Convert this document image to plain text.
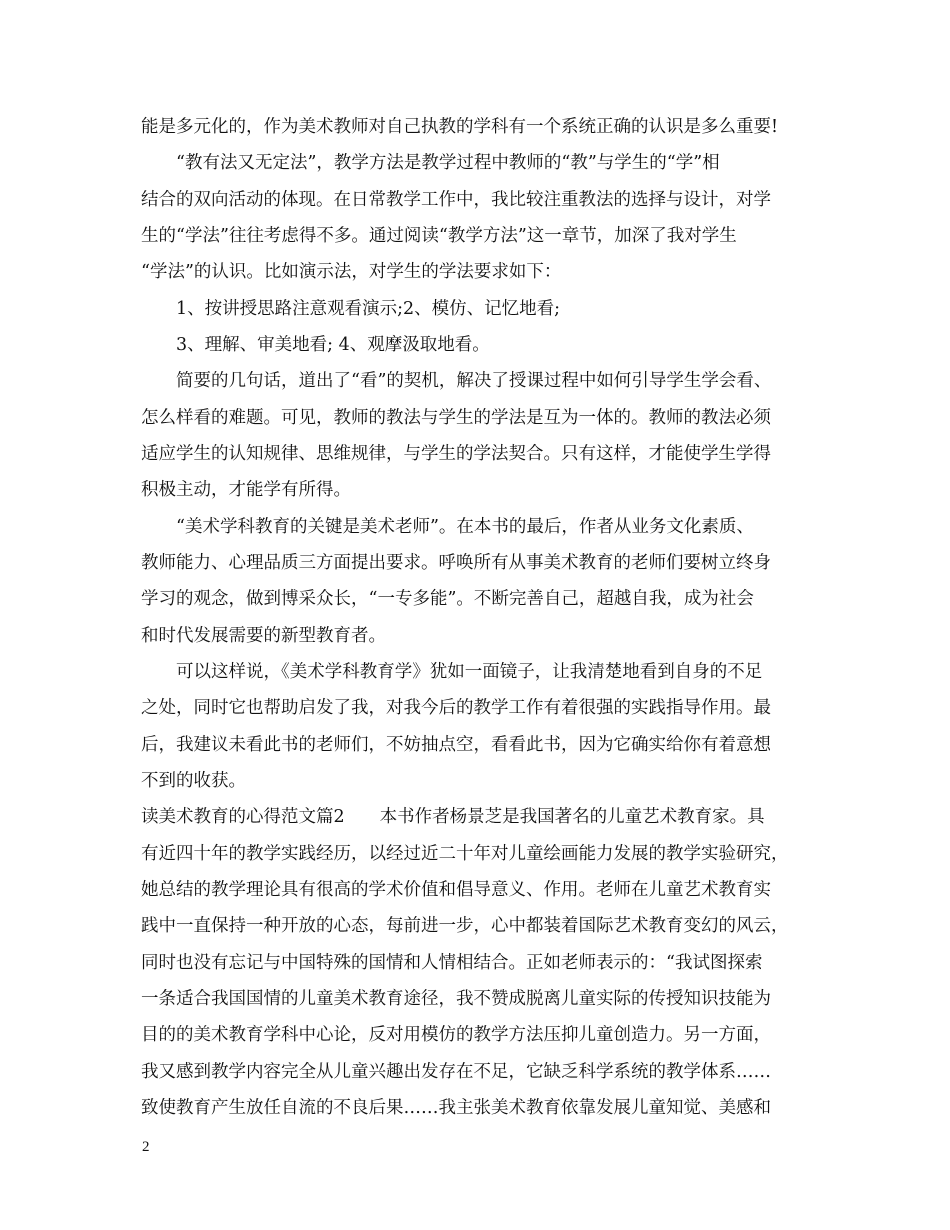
能是多元化的，作为美术教师对自己执教的学科有一个系统正确的认识是多么重要!
“教有法又无定法”，教学方法是教学过程中教师的“教”与学生的“学”相
结合的双向活动的体现。在日常教学工作中，我比较注重教法的选择与设计，对学
生的“学法”往往考虑得不多。通过阅读“教学方法”这一章节，加深了我对学生
“学法”的认识。比如演示法，对学生的学法要求如下：
1、按讲授思路注意观看演示;2、模仿、记忆地看;
3、理解、审美地看; 4、观摩汲取地看。
简要的几句话，道出了“看”的契机，解决了授课过程中如何引导学生学会看、
怎么样看的难题。可见，教师的教法与学生的学法是互为一体的。教师的教法必须
适应学生的认知规律、思维规律，与学生的学法契合。只有这样，才能使学生学得
积极主动，才能学有所得。
“美术学科教育的关键是美术老师”。在本书的最后，作者从业务文化素质、
教师能力、心理品质三方面提出要求。呼唤所有从事美术教育的老师们要树立终身
学习的观念，做到博采众长，“一专多能”。不断完善自己，超越自我，成为社会
和时代发展需要的新型教育者。
可以这样说，《美术学科教育学》犹如一面镜子，让我清楚地看到自身的不足
之处，同时它也帮助启发了我，对我今后的教学工作有着很强的实践指导作用。最
后，我建议未看此书的老师们，不妨抽点空，看看此书，因为它确实给你有着意想
不到的收获。
读美术教育的心得范文篇2　　本书作者杨景芝是我国著名的儿童艺术教育家。具
有近四十年的教学实践经历，以经过近二十年对儿童绘画能力发展的教学实验研究，
她总结的教学理论具有很高的学术价值和倡导意义、作用。老师在儿童艺术教育实
践中一直保持一种开放的心态，每前进一步，心中都装着国际艺术教育变幻的风云，
同时也没有忘记与中国特殊的国情和人情相结合。正如老师表示的：“我试图探索
一条适合我国国情的儿童美术教育途径，我不赞成脱离儿童实际的传授知识技能为
目的的美术教育学科中心论，反对用模仿的教学方法压抑儿童创造力。另一方面，
我又感到教学内容完全从儿童兴趣出发存在不足，它缺乏科学系统的教学体系……
致使教育产生放任自流的不良后果……我主张美术教育依靠发展儿童知觉、美感和
2
